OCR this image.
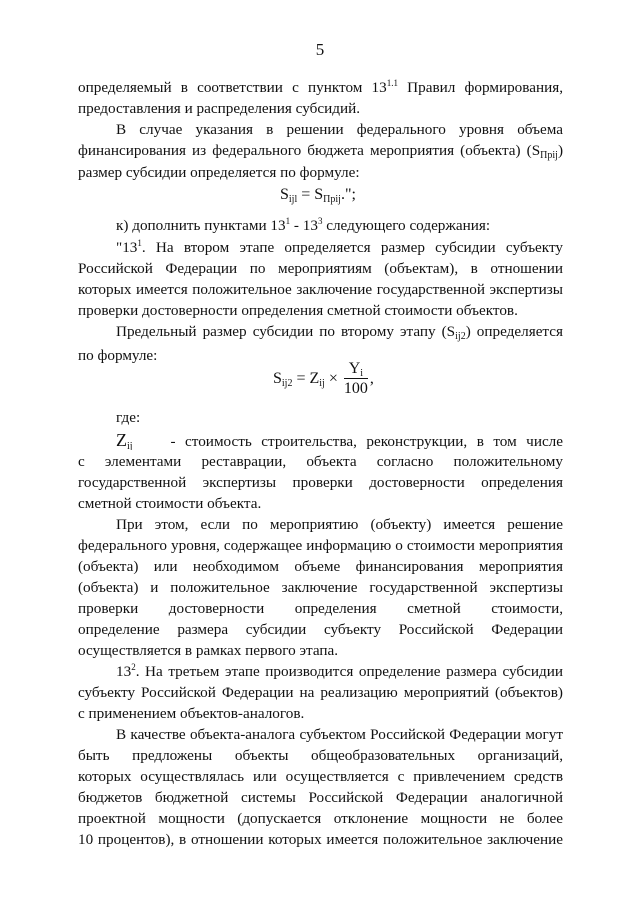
5
определяемый в соответствии с пунктом $13^{1.1}$ Правил формирования,
предоставления и распределения субсидий.
В случае указания в решении федерального уровня объема
финансирования из федерального бюджета мероприятия (объекта) $(S_{Пpij})$
размер субсидии определяется по формуле:
$S_{ijl} = S_{Пpij}$.";
к) дополнить пунктами $13^1 - 13^3$ следующего содержания:
"$13^1$. На втором этапе определяется размер субсидии субъекту
Российской Федерации по мероприятиям (объектам), в отношении
которых имеется положительное заключение государственной экспертизы
проверки достоверности определения сметной стоимости объектов.
Предельный размер субсидии по второму этапу $(S_{ij2})$ определяется
по формуле:
$S_{ij2} = Z_{ij} \times \frac{Y_i}{100}$ ,
где:
$Z_{ij}$ - стоимость строительства, реконструкции, в том числе
с элементами реставрации, объекта согласно положительному
государственной экспертизы проверки достоверности определения
сметной стоимости объекта.
При этом, если по мероприятию (объекту) имеется решение
федерального уровня, содержащее информацию о стоимости мероприятия
(объекта) или необходимом объеме финансирования мероприятия
(объекта) и положительное заключение государственной экспертизы
проверки достоверности определения сметной стоимости,
определение размера субсидии субъекту Российской Федерации
осуществляется в рамках первого этапа.
$13^2$. На третьем этапе производится определение размера субсидии
субъекту Российской Федерации на реализацию мероприятий (объектов)
с применением объектов-аналогов.
В качестве объекта-аналога субъектом Российской Федерации могут
быть предложены объекты общеобразовательных организаций,
которых осуществлялась или осуществляется с привлечением средств
бюджетов бюджетной системы Российской Федерации аналогичной
проектной мощности (допускается отклонение мощности не более
10 процентов), в отношении которых имеется положительное заключение
